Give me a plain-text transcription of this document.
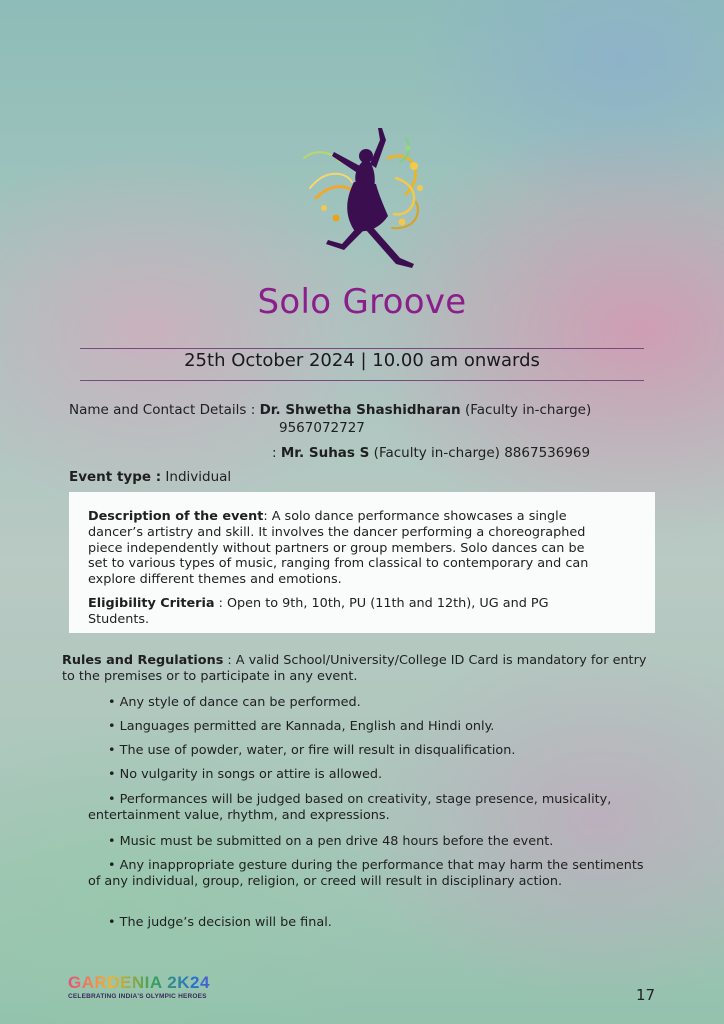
Solo Groove
25th October 2024 | 10.00 am onwards
Name and Contact Details : Dr. Shwetha Shashidharan (Faculty in-charge)
9567072727
: Mr. Suhas S (Faculty in-charge) 8867536969
Event type : Individual
Description of the event: A solo dance performance showcases a single dancer’s artistry and skill. It involves the dancer performing a choreographed piece independently without partners or group members. Solo dances can be set to various types of music, ranging from classical to contemporary and can explore different themes and emotions.
Eligibility Criteria : Open to 9th, 10th, PU (11th and 12th), UG and PG Students.
Rules and Regulations : A valid School/University/College ID Card is mandatory for entry to the premises or to participate in any event.
• Any style of dance can be performed.
• Languages permitted are Kannada, English and Hindi only.
• The use of powder, water, or fire will result in disqualification.
• No vulgarity in songs or attire is allowed.
• Performances will be judged based on creativity, stage presence, musicality, entertainment value, rhythm, and expressions.
• Music must be submitted on a pen drive 48 hours before the event.
• Any inappropriate gesture during the performance that may harm the sentiments of any individual, group, religion, or creed will result in disciplinary action.
• The judge’s decision will be final.
GARDENIA 2K24
CELEBRATING INDIA'S OLYMPIC HEROES	17
